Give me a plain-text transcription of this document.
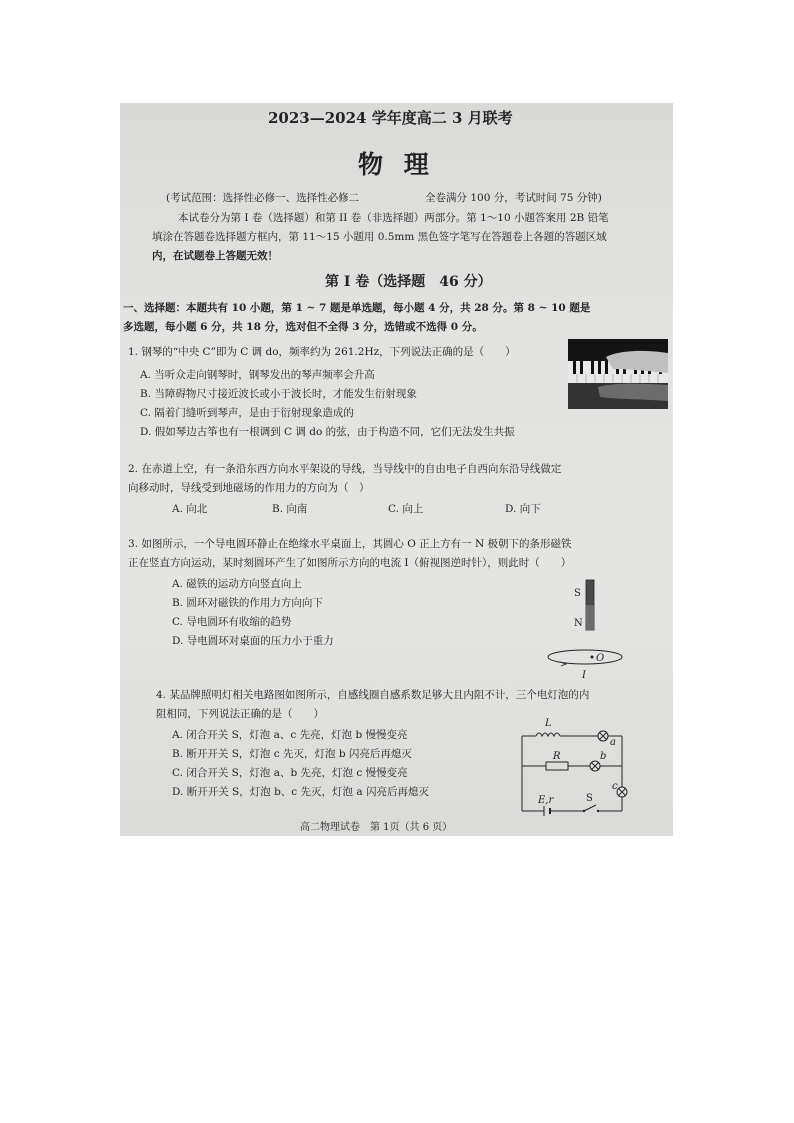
2023—2024 学年度高二 3 月联考
物 理
(考试范围：选择性必修一、选择性必修二	全卷满分 100 分，考试时间 75 分钟)
本试卷分为第 I 卷（选择题）和第 II 卷（非选择题）两部分。第 1～10 小题答案用 2B 铅笔
填涂在答题卷选择题方框内，第 11～15 小题用 0.5mm 黑色签字笔写在答题卷上各题的答题区域
内，在试题卷上答题无效！
第 I 卷（选择题　46 分）
一、选择题：本题共有 10 小题，第 1 ~ 7 题是单选题，每小题 4 分，共 28 分。第 8 ~ 10 题是
多选题，每小题 6 分，共 18 分，选对但不全得 3 分，选错或不选得 0 分。
1. 钢琴的“中央 C”即为 C 调 do，频率约为 261.2Hz，下列说法正确的是（　　）
A. 当听众走向钢琴时，钢琴发出的琴声频率会升高
B. 当障碍物尺寸接近波长或小于波长时，才能发生衍射现象
C. 隔着门缝听到琴声，是由于衍射现象造成的
D. 假如琴边古筝也有一根调到 C 调 do 的弦，由于构造不同，它们无法发生共振
2. 在赤道上空，有一条沿东西方向水平架设的导线，当导线中的自由电子自西向东沿导线做定
向移动时，导线受到地磁场的作用力的方向为（　）
A. 向北	B. 向南	C. 向上	D. 向下
3. 如图所示，一个导电圆环静止在绝缘水平桌面上，其圆心 O 正上方有一 N 极朝下的条形磁铁
正在竖直方向运动，某时刻圆环产生了如图所示方向的电流 I（俯视图逆时针），则此时（　　）
A. 磁铁的运动方向竖直向上
B. 圆环对磁铁的作用力方向向下
C. 导电圆环有收缩的趋势
D. 导电圆环对桌面的压力小于重力
S
N
O
I
4. 某品牌照明灯相关电路图如图所示，自感线圈自感系数足够大且内阻不计，三个电灯泡的内
阻相同，下列说法正确的是（　　）
A. 闭合开关 S，灯泡 a、c 先亮，灯泡 b 慢慢变亮
B. 断开开关 S，灯泡 c 先灭，灯泡 b 闪亮后再熄灭
C. 闭合开关 S，灯泡 a、b 先亮，灯泡 c 慢慢变亮
D. 断开开关 S，灯泡 b、c 先灭，灯泡 a 闪亮后再熄灭
L
R
a
b
c
E,r	S
高二物理试卷　第 1页（共 6 页）
